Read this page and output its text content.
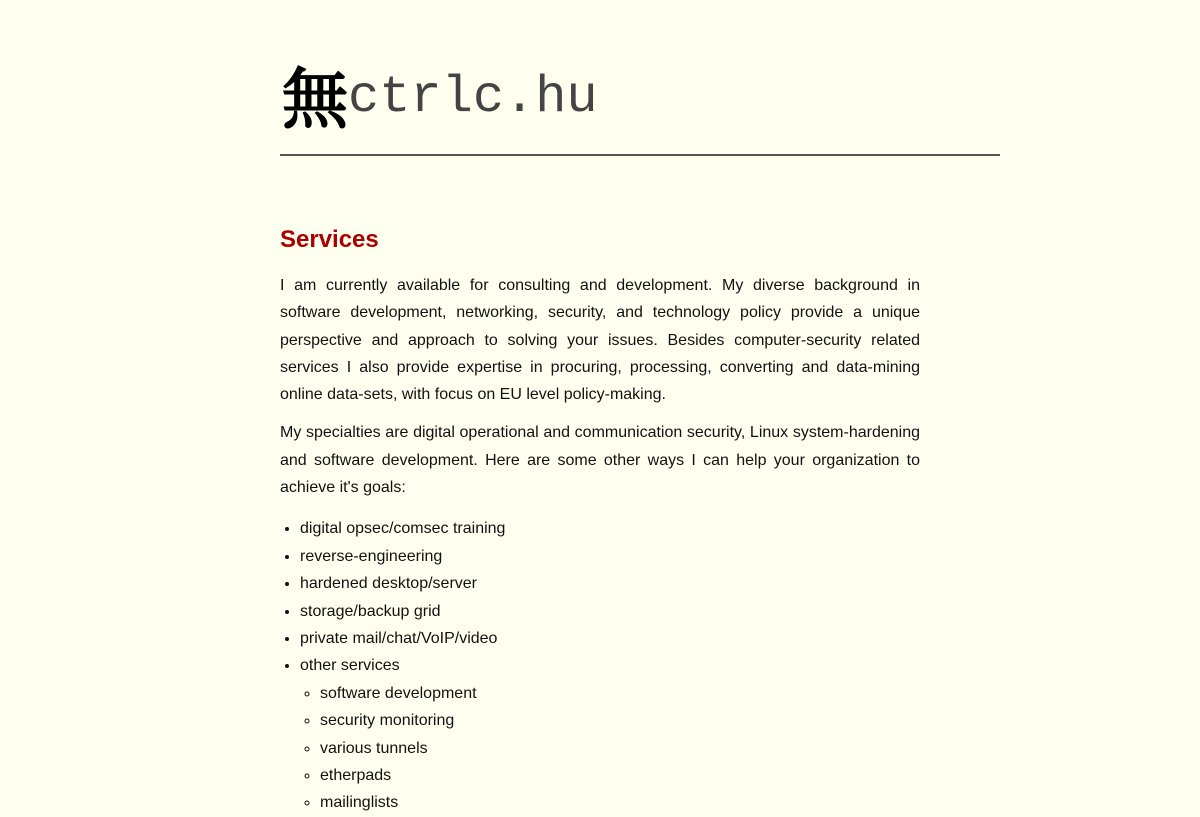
無 ctrlc.hu
Services

I am currently available for consulting and development. My diverse background in software development, networking, security, and technology policy provide a unique perspective and approach to solving your issues. Besides computer-security related services I also provide expertise in procuring, processing, converting and data-mining online data-sets, with focus on EU level policy-making.

My specialties are digital operational and communication security, Linux system-hardening and software development. Here are some other ways I can help your organization to achieve it's goals:

• digital opsec/comsec training
• reverse-engineering
• hardened desktop/server
• storage/backup grid
• private mail/chat/VoIP/video
• other services
◦ software development
◦ security monitoring
◦ various tunnels
◦ etherpads
◦ mailinglists
